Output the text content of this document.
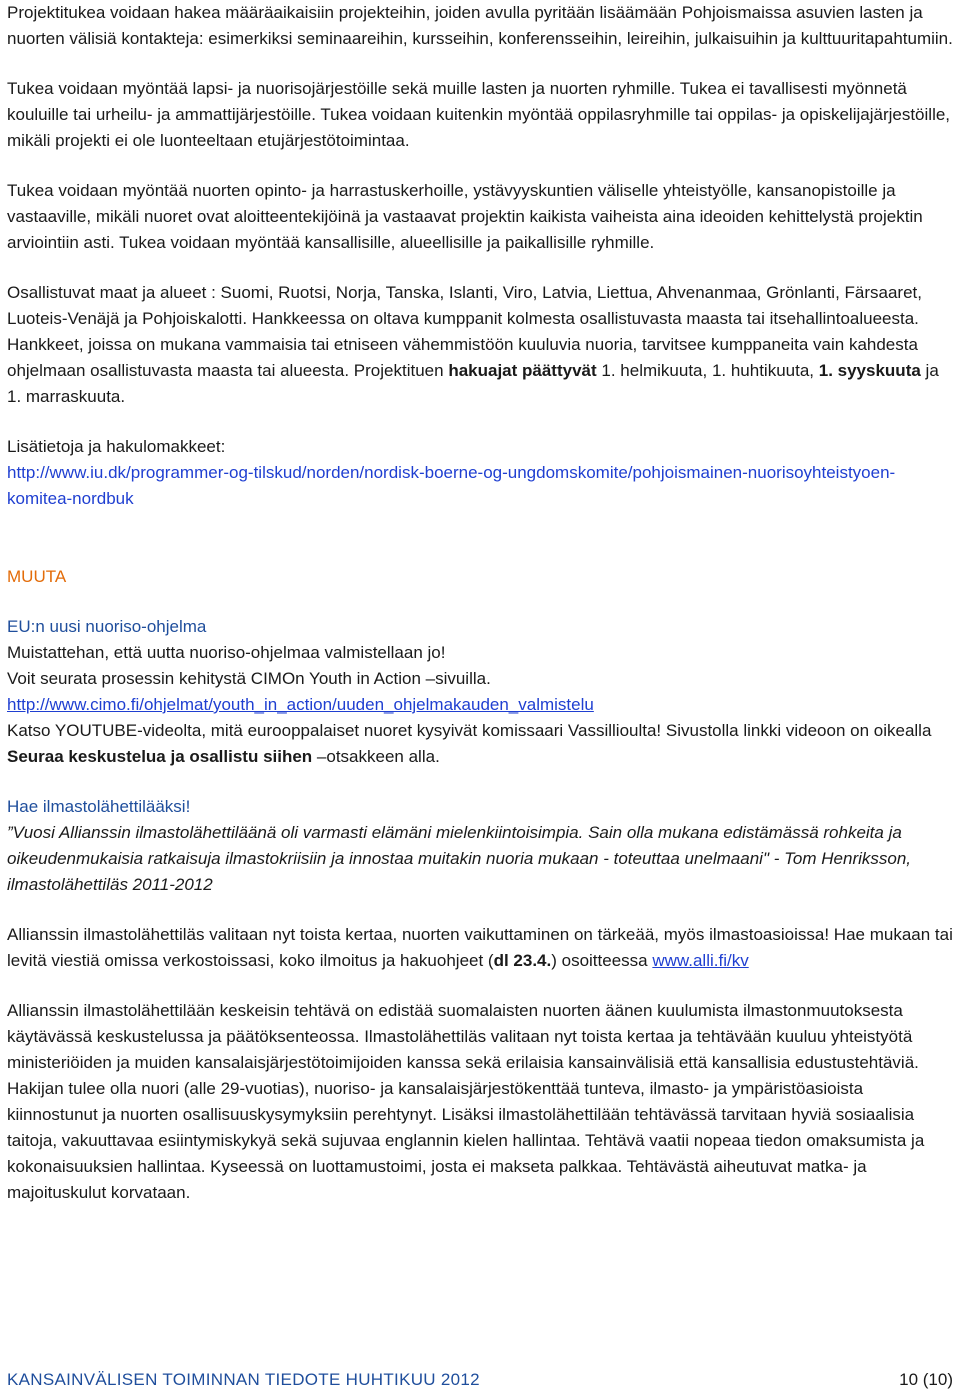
Projektitukea voidaan hakea määräaikaisiin projekteihin, joiden avulla pyritään lisäämään Pohjoismaissa asuvien lasten ja nuorten välisiä kontakteja: esimerkiksi seminaareihin, kursseihin, konferensseihin, leireihin, julkaisuihin ja kulttuuritapahtumiin.

Tukea voidaan myöntää lapsi- ja nuorisojärjestöille sekä muille lasten ja nuorten ryhmille. Tukea ei tavallisesti myönnetä kouluille tai urheilu- ja ammattijärjestöille. Tukea voidaan kuitenkin myöntää oppilasryhmille tai oppilas- ja opiskelijajärjestöille, mikäli projekti ei ole luonteeltaan etujärjestötoimintaa.

Tukea voidaan myöntää nuorten opinto- ja harrastuskerhoille, ystävyyskuntien väliselle yhteistyölle, kansanopistoille ja vastaaville, mikäli nuoret ovat aloitteentekijöinä ja vastaavat projektin kaikista vaiheista aina ideoiden kehittelystä projektin arviointiin asti. Tukea voidaan myöntää kansallisille, alueellisille ja paikallisille ryhmille.

Osallistuvat maat ja alueet : Suomi, Ruotsi, Norja, Tanska, Islanti, Viro, Latvia, Liettua, Ahvenanmaa, Grönlanti, Färsaaret, Luoteis-Venäjä ja Pohjoiskalotti. Hankkeessa on oltava kumppanit kolmesta osallistuvasta maasta tai itsehallintoalueesta. Hankkeet, joissa on mukana vammaisia tai etniseen vähemmistöön kuuluvia nuoria, tarvitsee kumppaneita vain kahdesta ohjelmaan osallistuvasta maasta tai alueesta. Projektituen hakuajat päättyvät 1. helmikuuta, 1. huhtikuuta, 1. syyskuuta ja 1. marraskuuta.

Lisätietoja ja hakulomakkeet:

http://www.iu.dk/programmer-og-tilskud/norden/nordisk-boerne-og-ungdomskomite/pohjoismainen-nuorisoyhteistyoen-komitea-nordbuk

MUUTA

EU:n uusi nuoriso-ohjelma

Muistattehan, että uutta nuoriso-ohjelmaa valmistellaan jo!

Voit seurata prosessin kehitystä CIMOn Youth in Action –sivuilla.

http://www.cimo.fi/ohjelmat/youth_in_action/uuden_ohjelmakauden_valmistelu

Katso YOUTUBE-videolta, mitä eurooppalaiset nuoret kysyivät komissaari Vassillioulta! Sivustolla linkki videoon on oikealla Seuraa keskustelua ja osallistu siihen –otsakkeen alla.

Hae ilmastolähettilääksi!

”Vuosi Allianssin ilmastolähettiläänä oli varmasti elämäni mielenkiintoisimpia. Sain olla mukana edistämässä rohkeita ja oikeudenmukaisia ratkaisuja ilmastokriisiin ja innostaa muitakin nuoria mukaan - toteuttaa unelmaani" - Tom Henriksson, ilmastolähettiläs 2011-2012

Allianssin ilmastolähettiläs valitaan nyt toista kertaa, nuorten vaikuttaminen on tärkeää, myös ilmastoasioissa! Hae mukaan tai levitä viestiä omissa verkostoissasi, koko ilmoitus ja hakuohjeet (dl 23.4.) osoitteessa www.alli.fi/kv

Allianssin ilmastolähettilään keskeisin tehtävä on edistää suomalaisten nuorten äänen kuulumista ilmastonmuutoksesta käytävässä keskustelussa ja päätöksenteossa. Ilmastolähettiläs valitaan nyt toista kertaa ja tehtävään kuuluu yhteistyötä ministeriöiden ja muiden kansalaisjärjestötoimijoiden kanssa sekä erilaisia kansainvälisiä että kansallisia edustustehtäviä.

Hakijan tulee olla nuori (alle 29-vuotias), nuoriso- ja kansalaisjärjestökenttää tunteva, ilmasto- ja ympäristöasioista kiinnostunut ja nuorten osallisuuskysymyksiin perehtynyt. Lisäksi ilmastolähettilään tehtävässä tarvitaan hyviä sosiaalisia taitoja, vakuuttavaa esiintymiskykyä sekä sujuvaa englannin kielen hallintaa. Tehtävä vaatii nopeaa tiedon omaksumista ja kokonaisuuksien hallintaa. Kyseessä on luottamustoimi, josta ei makseta palkkaa. Tehtävästä aiheutuvat matka- ja majoituskulut korvataan.

KANSAINVÄLISEN TOIMINNAN TIEDOTE HUHTIKUU 2012	10 (10)
